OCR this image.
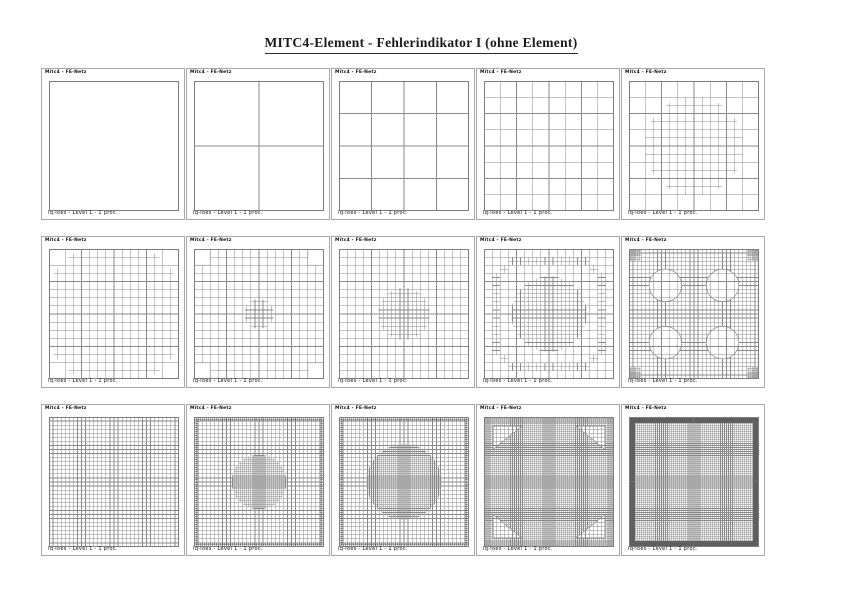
MITC4-Element - Fehlerindikator I (ohne Element)
Mitc4 - FE-Netz
lq-loes - Level 1 - 1 proc.
Mitc4 - FE-Netz
lq-loes - Level 1 - 1 proc.
Mitc4 - FE-Netz
lq-loes - Level 1 - 1 proc.
Mitc4 - FE-Netz
lq-loes - Level 1 - 1 proc.
Mitc4 - FE-Netz
lq-loes - Level 1 - 1 proc.
Mitc4 - FE-Netz
lq-loes - Level 1 - 1 proc.
Mitc4 - FE-Netz
lq-loes - Level 1 - 1 proc.
Mitc4 - FE-Netz
lq-loes - Level 1 - 1 proc.
Mitc4 - FE-Netz
lq-loes - Level 1 - 1 proc.
Mitc4 - FE-Netz
lq-loes - Level 1 - 1 proc.
Mitc4 - FE-Netz
lq-loes - Level 1 - 1 proc.
Mitc4 - FE-Netz
lq-loes - Level 1 - 1 proc.
Mitc4 - FE-Netz
lq-loes - Level 1 - 1 proc.
Mitc4 - FE-Netz
lq-loes - Level 1 - 1 proc.
Mitc4 - FE-Netz
lq-loes - Level 1 - 1 proc.
